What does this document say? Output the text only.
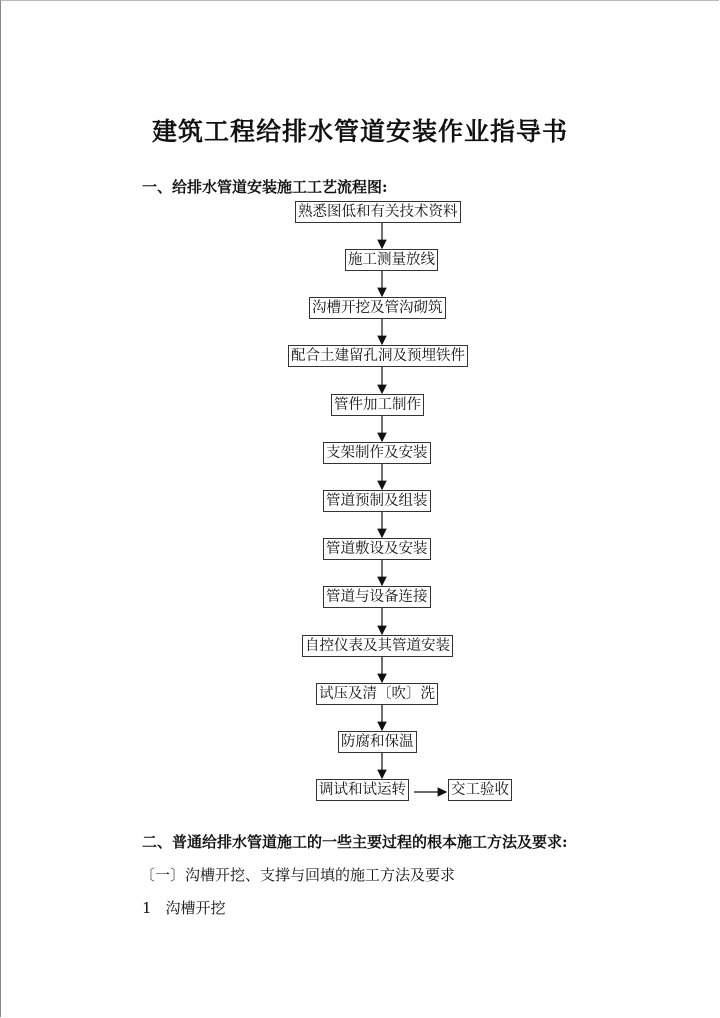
建筑工程给排水管道安装作业指导书
一、给排水管道安装施工工艺流程图:
熟悉图低和有关技术资料
施工测量放线
沟槽开挖及管沟砌筑
配合土建留孔洞及预埋铁件
管件加工制作
支架制作及安装
管道预制及组装
管道敷设及安装
管道与设备连接
自控仪表及其管道安装
试压及清〔吹〕洗
防腐和保温
调试和试运转	交工验收
二、普通给排水管道施工的一些主要过程的根本施工方法及要求:
〔一〕沟槽开挖、支撑与回填的施工方法及要求
1 沟槽开挖
